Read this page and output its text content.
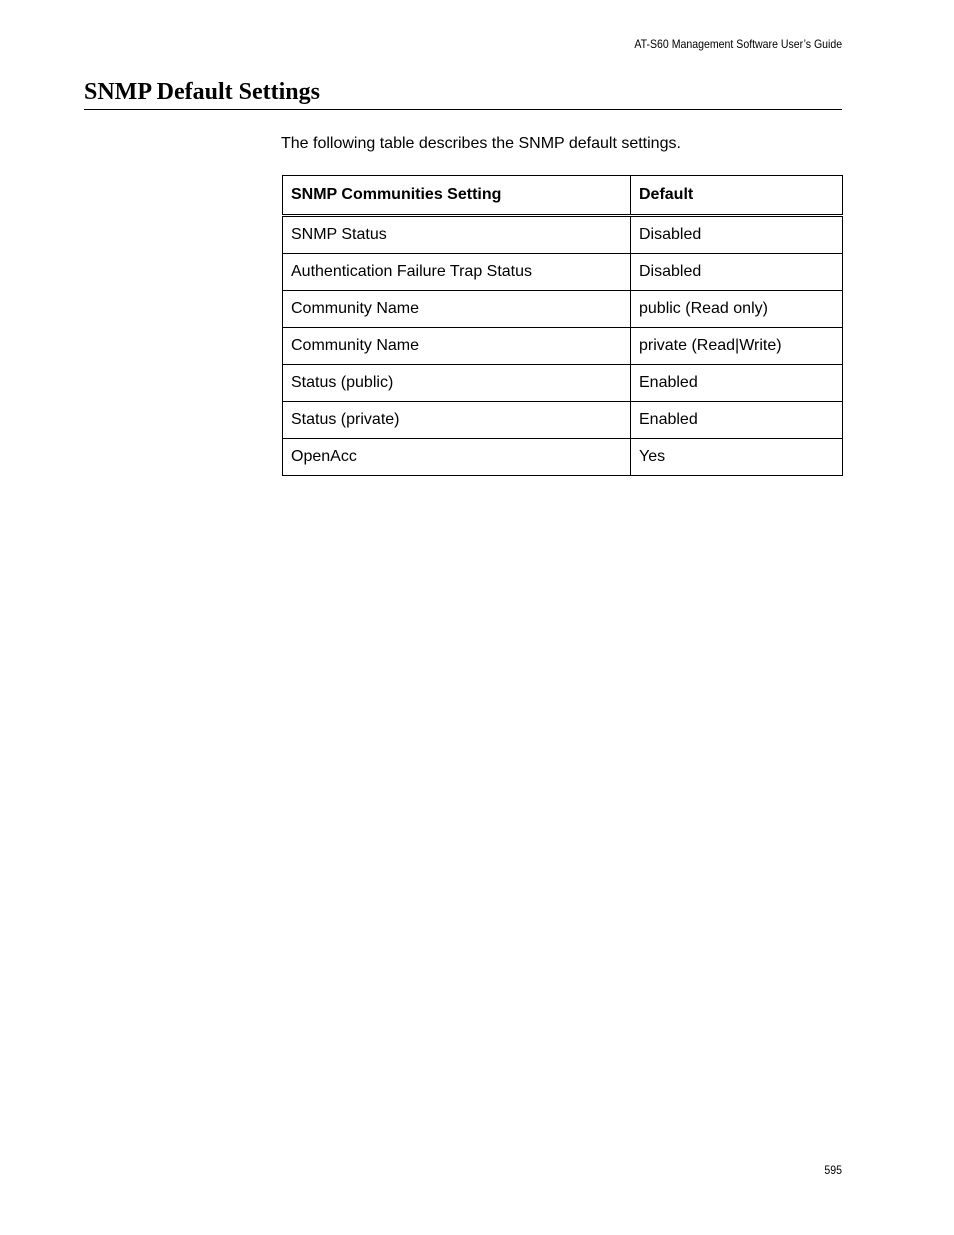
AT-S60 Management Software User’s Guide
SNMP Default Settings

The following table describes the SNMP default settings.

SNMP Communities Setting	Default
SNMP Status	Disabled
Authentication Failure Trap Status	Disabled
Community Name	public (Read only)
Community Name	private (Read|Write)
Status (public)	Enabled
Status (private)	Enabled
OpenAcc	Yes
595
